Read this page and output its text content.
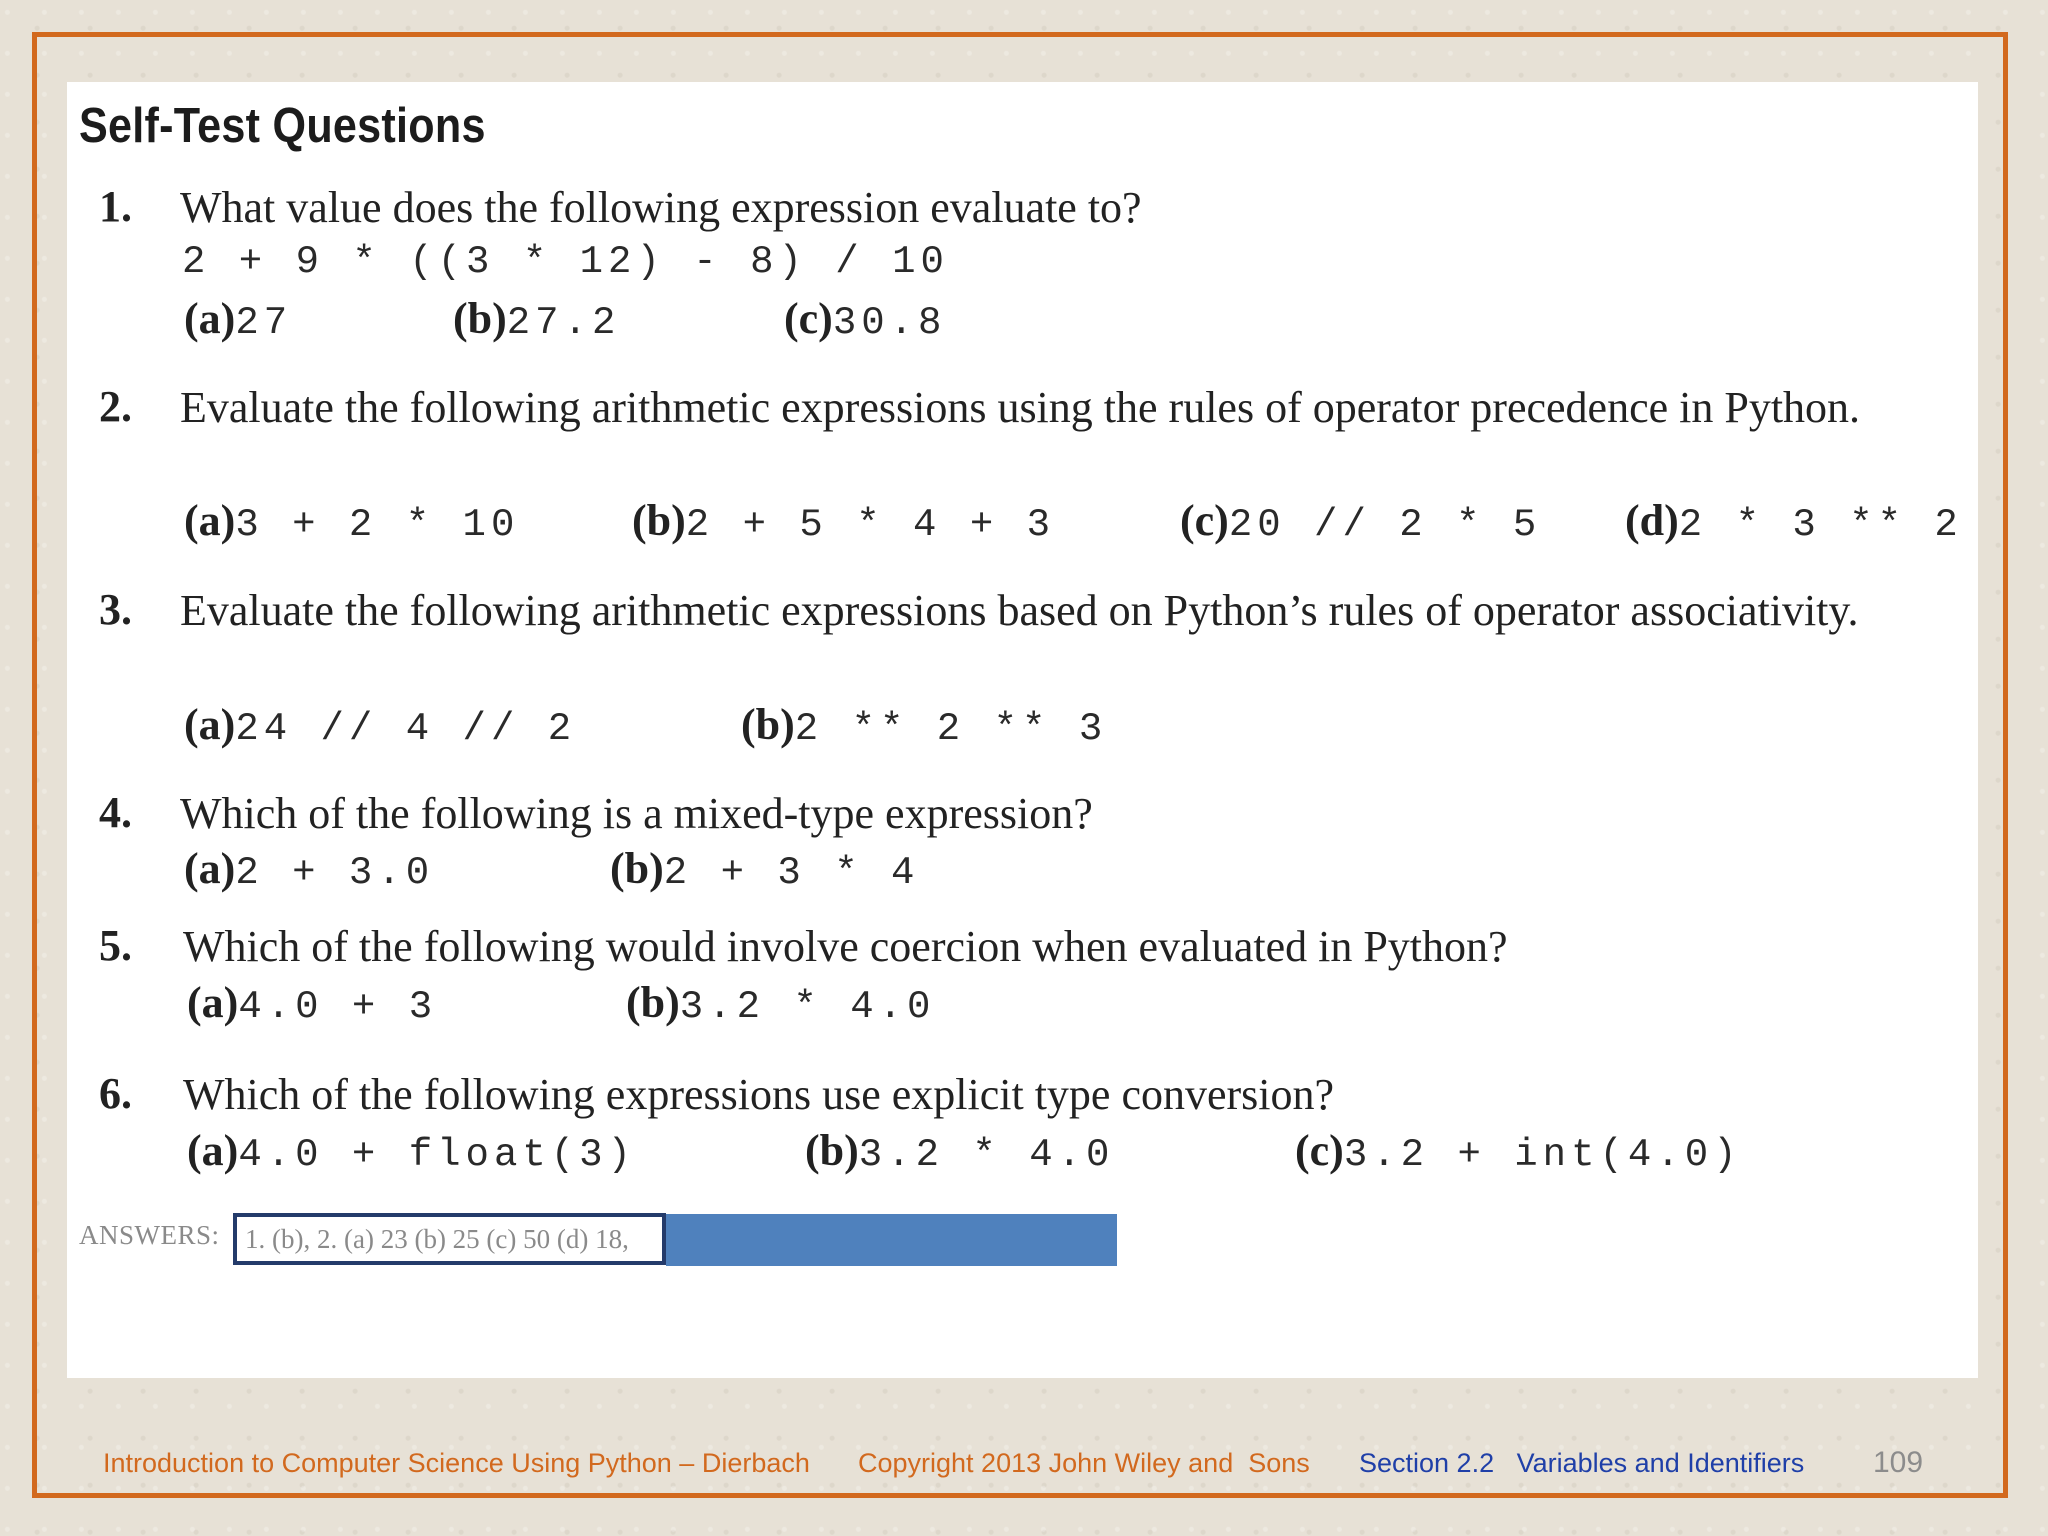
Self-Test Questions
1. What value does the following expression evaluate to?
2 + 9 * ((3 * 12) - 8) / 10
(a)27	(b)27.2	(c)30.8
2. Evaluate the following arithmetic expressions using the rules of operator precedence in Python.
(a)3 + 2 * 10	(b)2 + 5 * 4 + 3	(c)20 // 2 * 5 (d)2 * 3 ** 2
3. Evaluate the following arithmetic expressions based on Python’s rules of operator associativity.
(a)24 // 4 // 2	(b)2 ** 2 ** 3
4. Which of the following is a mixed-type expression?
(a)2 + 3.0	(b)2 + 3 * 4
5. Which of the following would involve coercion when evaluated in Python?
(a)4.0 + 3	(b)3.2 * 4.0
6. Which of the following expressions use explicit type conversion?
(a)4.0 + float(3)	(b)3.2 * 4.0	(c)3.2 + int(4.0)
ANSWERS: 1. (b), 2. (a) 23 (b) 25 (c) 50 (d) 18,
Introduction to Computer Science Using Python – Dierbach Copyright 2013 John Wiley and  Sons Section 2.2   Variables and Identifiers 109
